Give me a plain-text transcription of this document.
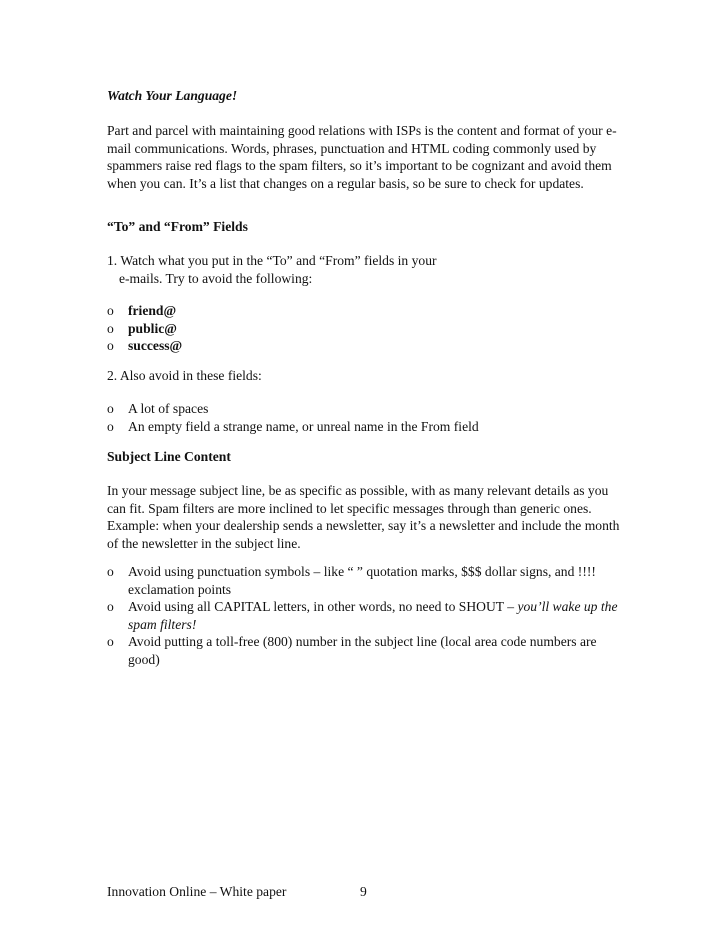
Watch Your Language!

Part and parcel with maintaining good relations with ISPs is the content and format of your e-mail communications. Words, phrases, punctuation and HTML coding commonly used by spammers raise red flags to the spam filters, so it’s important to be cognizant and avoid them when you can. It’s a list that changes on a regular basis, so be sure to check for updates.

“To” and “From” Fields
1. Watch what you put in the “To” and “From” fields in your
e-mails. Try to avoid the following:
o friend@
o public@
o success@
2. Also avoid in these fields:
o A lot of spaces
o An empty field a strange name, or unreal name in the From field
Subject Line Content

In your message subject line, be as specific as possible, with as many relevant details as you can fit. Spam filters are more inclined to let specific messages through than generic ones. Example: when your dealership sends a newsletter, say it’s a newsletter and include the month of the newsletter in the subject line.

o Avoid using punctuation symbols – like “ ” quotation marks, $$$ dollar signs, and !!!! exclamation points
o Avoid using all CAPITAL letters, in other words, no need to SHOUT – you’ll wake up the spam filters!
o Avoid putting a toll-free (800) number in the subject line (local area code numbers are good)
Innovation Online – White paper	9
